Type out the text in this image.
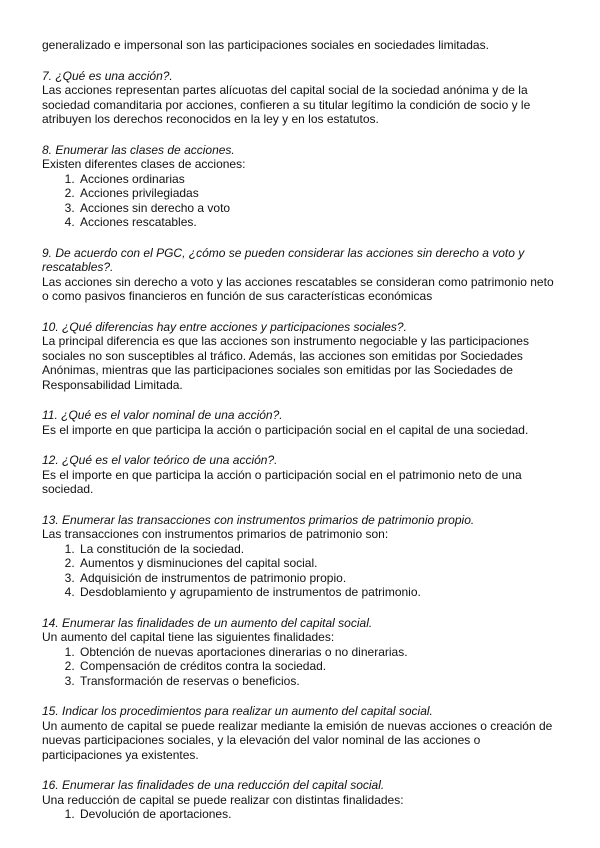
generalizado e impersonal son las participaciones sociales en sociedades limitadas.

7. ¿Qué es una acción?.

Las acciones representan partes alícuotas del capital social de la sociedad anónima y de la sociedad comanditaria por acciones, confieren a su titular legítimo la condición de socio y le atribuyen los derechos reconocidos en la ley y en los estatutos.

8. Enumerar las clases de acciones.

Existen diferentes clases de acciones:

1. Acciones ordinarias
2. Acciones privilegiadas
3. Acciones sin derecho a voto
4. Acciones rescatables.

9. De acuerdo con el PGC, ¿cómo se pueden considerar las acciones sin derecho a voto y rescatables?.

Las acciones sin derecho a voto y las acciones rescatables se consideran como patrimonio neto o como pasivos financieros en función de sus características económicas

10. ¿Qué diferencias hay entre acciones y participaciones sociales?.

La principal diferencia es que las acciones son instrumento negociable y las participaciones sociales no son susceptibles al tráfico. Además, las acciones son emitidas por Sociedades Anónimas, mientras que las participaciones sociales son emitidas por las Sociedades de Responsabilidad Limitada.

11. ¿Qué es el valor nominal de una acción?.

Es el importe en que participa la acción o participación social en el capital de una sociedad.

12. ¿Qué es el valor teórico de una acción?.

Es el importe en que participa la acción o participación social en el patrimonio neto de una sociedad.

13. Enumerar las transacciones con instrumentos primarios de patrimonio propio.

Las transacciones con instrumentos primarios de patrimonio son:

1. La constitución de la sociedad.
2. Aumentos y disminuciones del capital social.
3. Adquisición de instrumentos de patrimonio propio.
4. Desdoblamiento y agrupamiento de instrumentos de patrimonio.

14. Enumerar las finalidades de un aumento del capital social.

Un aumento del capital tiene las siguientes finalidades:

1. Obtención de nuevas aportaciones dinerarias o no dinerarias.
2. Compensación de créditos contra la sociedad.
3. Transformación de reservas o beneficios.

15. Indicar los procedimientos para realizar un aumento del capital social.

Un aumento de capital se puede realizar mediante la emisión de nuevas acciones o creación de nuevas participaciones sociales, y la elevación del valor nominal de las acciones o participaciones ya existentes.

16. Enumerar las finalidades de una reducción del capital social.

Una reducción de capital se puede realizar con distintas finalidades:

1. Devolución de aportaciones.
